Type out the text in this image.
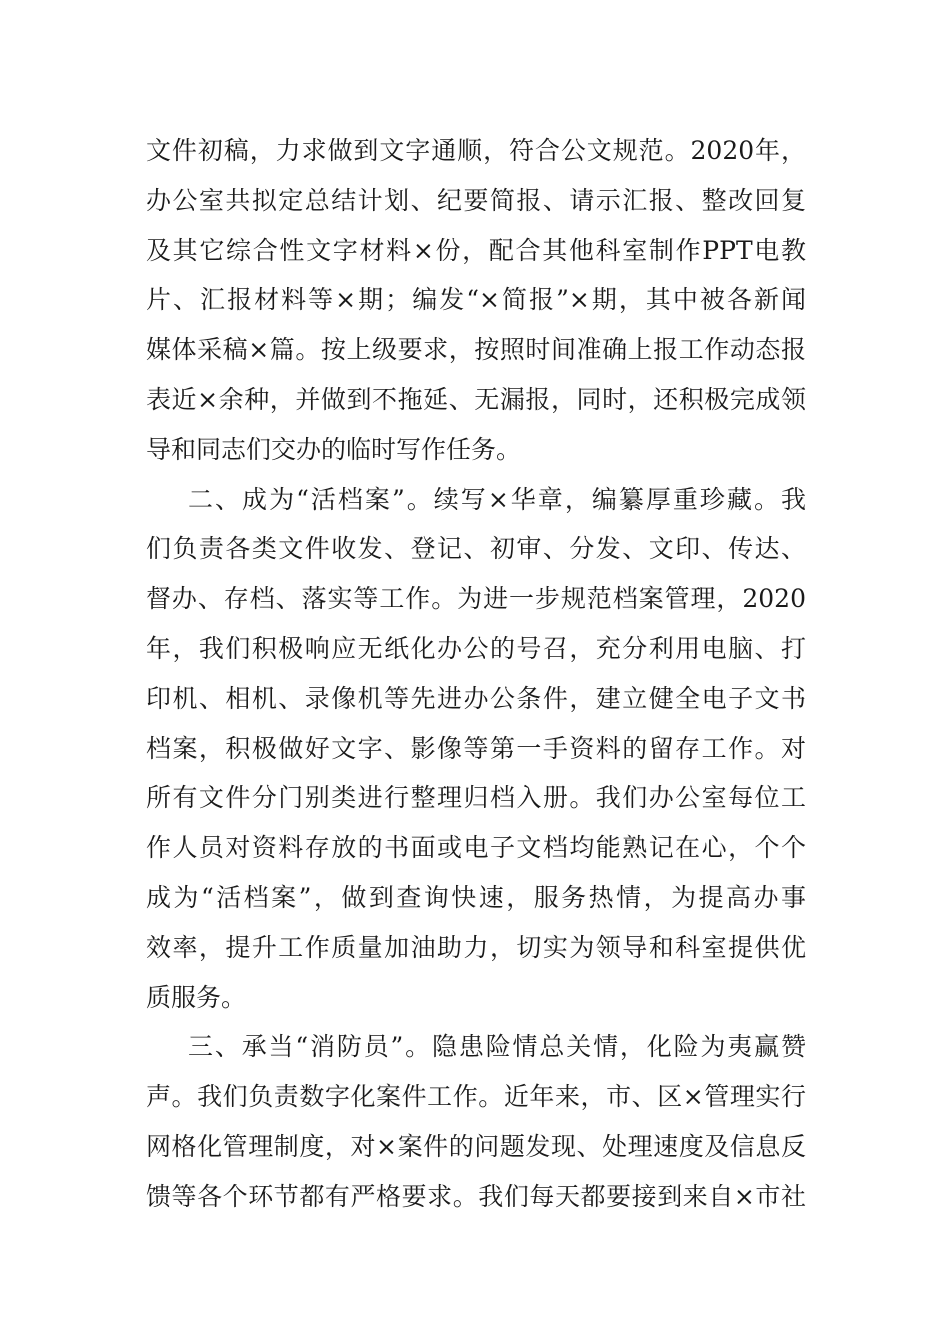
文件初稿，力求做到文字通顺，符合公文规范。2020年，
办公室共拟定总结计划、纪要简报、请示汇报、整改回复
及其它综合性文字材料×份，配合其他科室制作PPT电教
片、汇报材料等×期；编发“×简报”×期，其中被各新闻
媒体采稿×篇。按上级要求，按照时间准确上报工作动态报
表近×余种，并做到不拖延、无漏报，同时，还积极完成领
导和同志们交办的临时写作任务。
二、成为“活档案”。续写×华章，编纂厚重珍藏。我
们负责各类文件收发、登记、初审、分发、文印、传达、
督办、存档、落实等工作。为进一步规范档案管理，2020
年，我们积极响应无纸化办公的号召，充分利用电脑、打
印机、相机、录像机等先进办公条件，建立健全电子文书
档案，积极做好文字、影像等第一手资料的留存工作。对
所有文件分门别类进行整理归档入册。我们办公室每位工
作人员对资料存放的书面或电子文档均能熟记在心，个个
成为“活档案”，做到查询快速，服务热情，为提高办事
效率，提升工作质量加油助力，切实为领导和科室提供优
质服务。
三、承当“消防员”。隐患险情总关情，化险为夷赢赞
声。我们负责数字化案件工作。近年来，市、区×管理实行
网格化管理制度，对×案件的问题发现、处理速度及信息反
馈等各个环节都有严格要求。我们每天都要接到来自×市社
